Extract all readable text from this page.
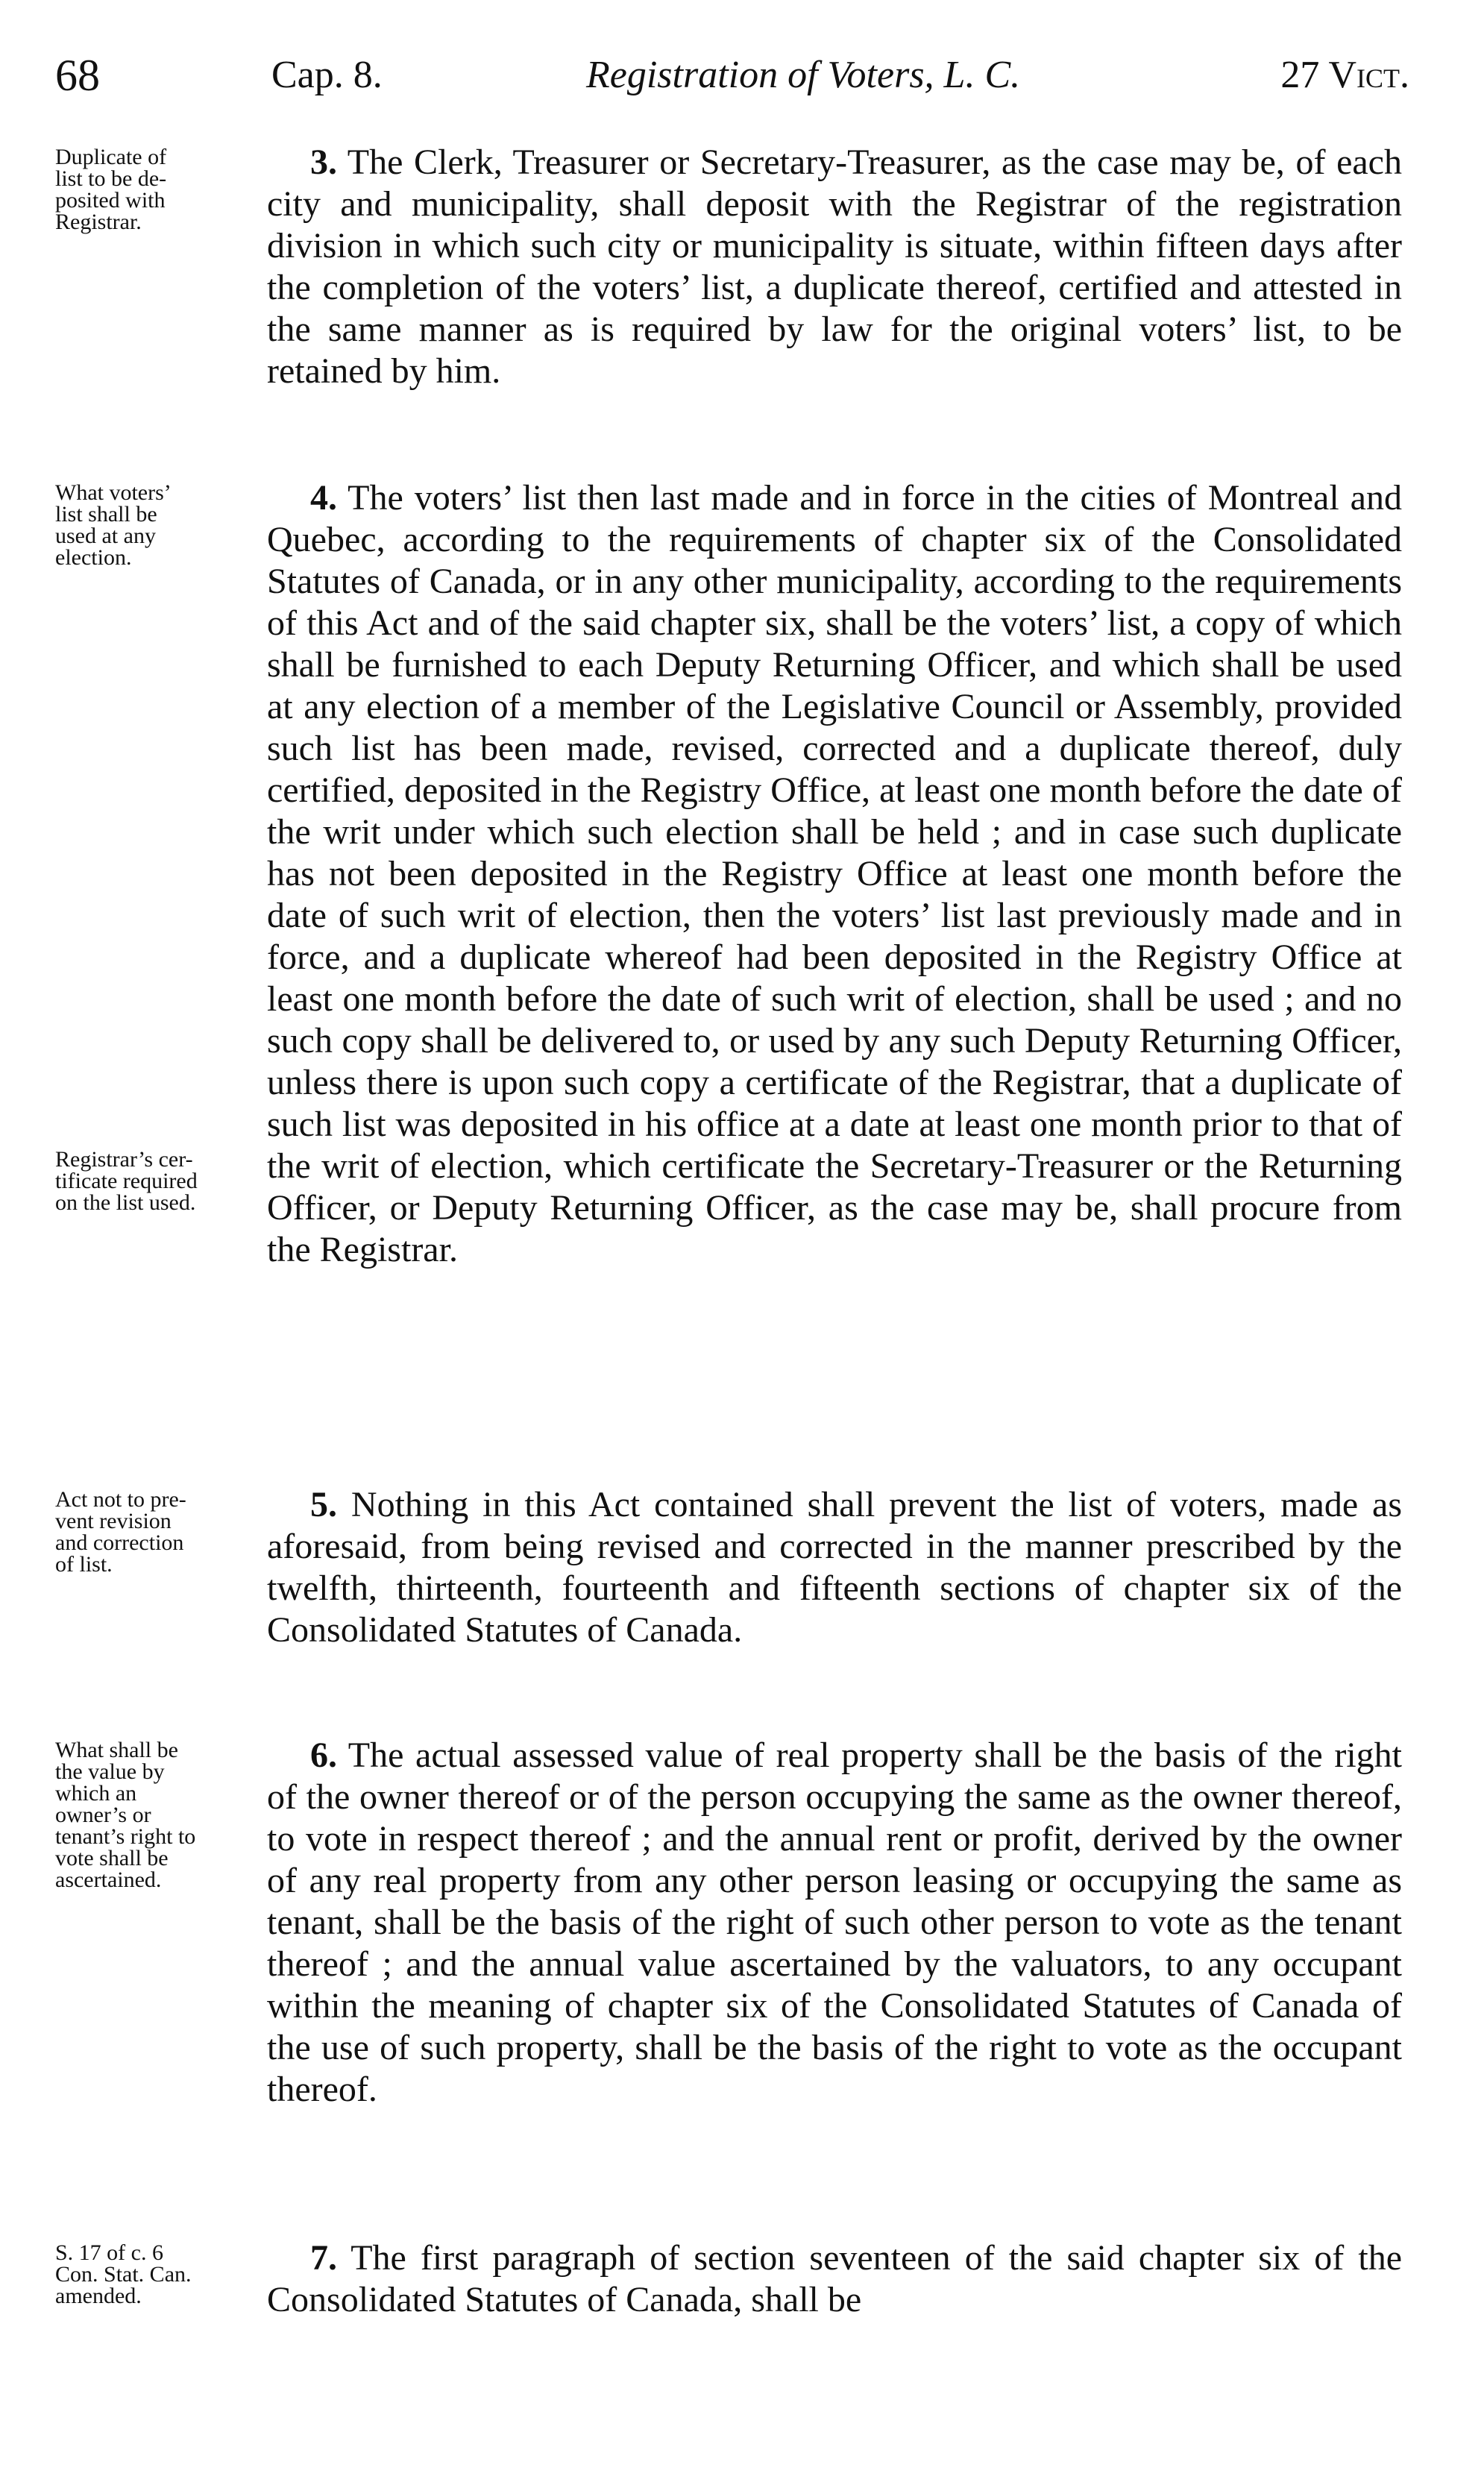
68	Cap. 8.	Registration of Voters, L. C.	27 Vict.
Duplicate of
list to be de-
posited with
Registrar.

3. The Clerk, Treasurer or Secretary-Treasurer, as the case may be, of each city and municipality, shall deposit with the Registrar of the registration division in which such city or municipality is situate, within fifteen days after the completion of the voters’ list, a duplicate thereof, certified and attested in the same manner as is required by law for the original voters’ list, to be retained by him.

What voters’
list shall be
used at any
election.
Registrar’s cer-
tificate required
on the list used.

4. The voters’ list then last made and in force in the cities of Montreal and Quebec, according to the requirements of chapter six of the Consolidated Statutes of Canada, or in any other municipality, according to the requirements of this Act and of the said chapter six, shall be the voters’ list, a copy of which shall be furnished to each Deputy Returning Officer, and which shall be used at any election of a member of the Legislative Council or Assembly, provided such list has been made, revised, corrected and a duplicate thereof, duly certified, deposited in the Registry Office, at least one month before the date of the writ under which such election shall be held ; and in case such duplicate has not been deposited in the Registry Office at least one month before the date of such writ of election, then the voters’ list last previously made and in force, and a duplicate whereof had been deposited in the Registry Office at least one month before the date of such writ of election, shall be used ; and no such copy shall be delivered to, or used by any such Deputy Returning Officer, unless there is upon such copy a certificate of the Registrar, that a duplicate of such list was deposited in his office at a date at least one month prior to that of the writ of election, which certificate the Secretary-Treasurer or the Returning Officer, or Deputy Returning Officer, as the case may be, shall procure from the Registrar.

Act not to pre-
vent revision
and correction
of list.

5. Nothing in this Act contained shall prevent the list of voters, made as aforesaid, from being revised and corrected in the manner prescribed by the twelfth, thirteenth, fourteenth and fifteenth sections of chapter six of the Consolidated Statutes of Canada.

What shall be
the value by
which an
owner’s or
tenant’s right to
vote shall be
ascertained.

6. The actual assessed value of real property shall be the basis of the right of the owner thereof or of the person occupying the same as the owner thereof, to vote in respect thereof ; and the annual rent or profit, derived by the owner of any real property from any other person leasing or occupying the same as tenant, shall be the basis of the right of such other person to vote as the tenant thereof ; and the annual value ascertained by the valuators, to any occupant within the meaning of chapter six of the Consolidated Statutes of Canada of the use of such property, shall be the basis of the right to vote as the occupant thereof.

S. 17 of c. 6
Con. Stat. Can.
amended.

7. The first paragraph of section seventeen of the said chapter six of the Consolidated Statutes of Canada, shall be
